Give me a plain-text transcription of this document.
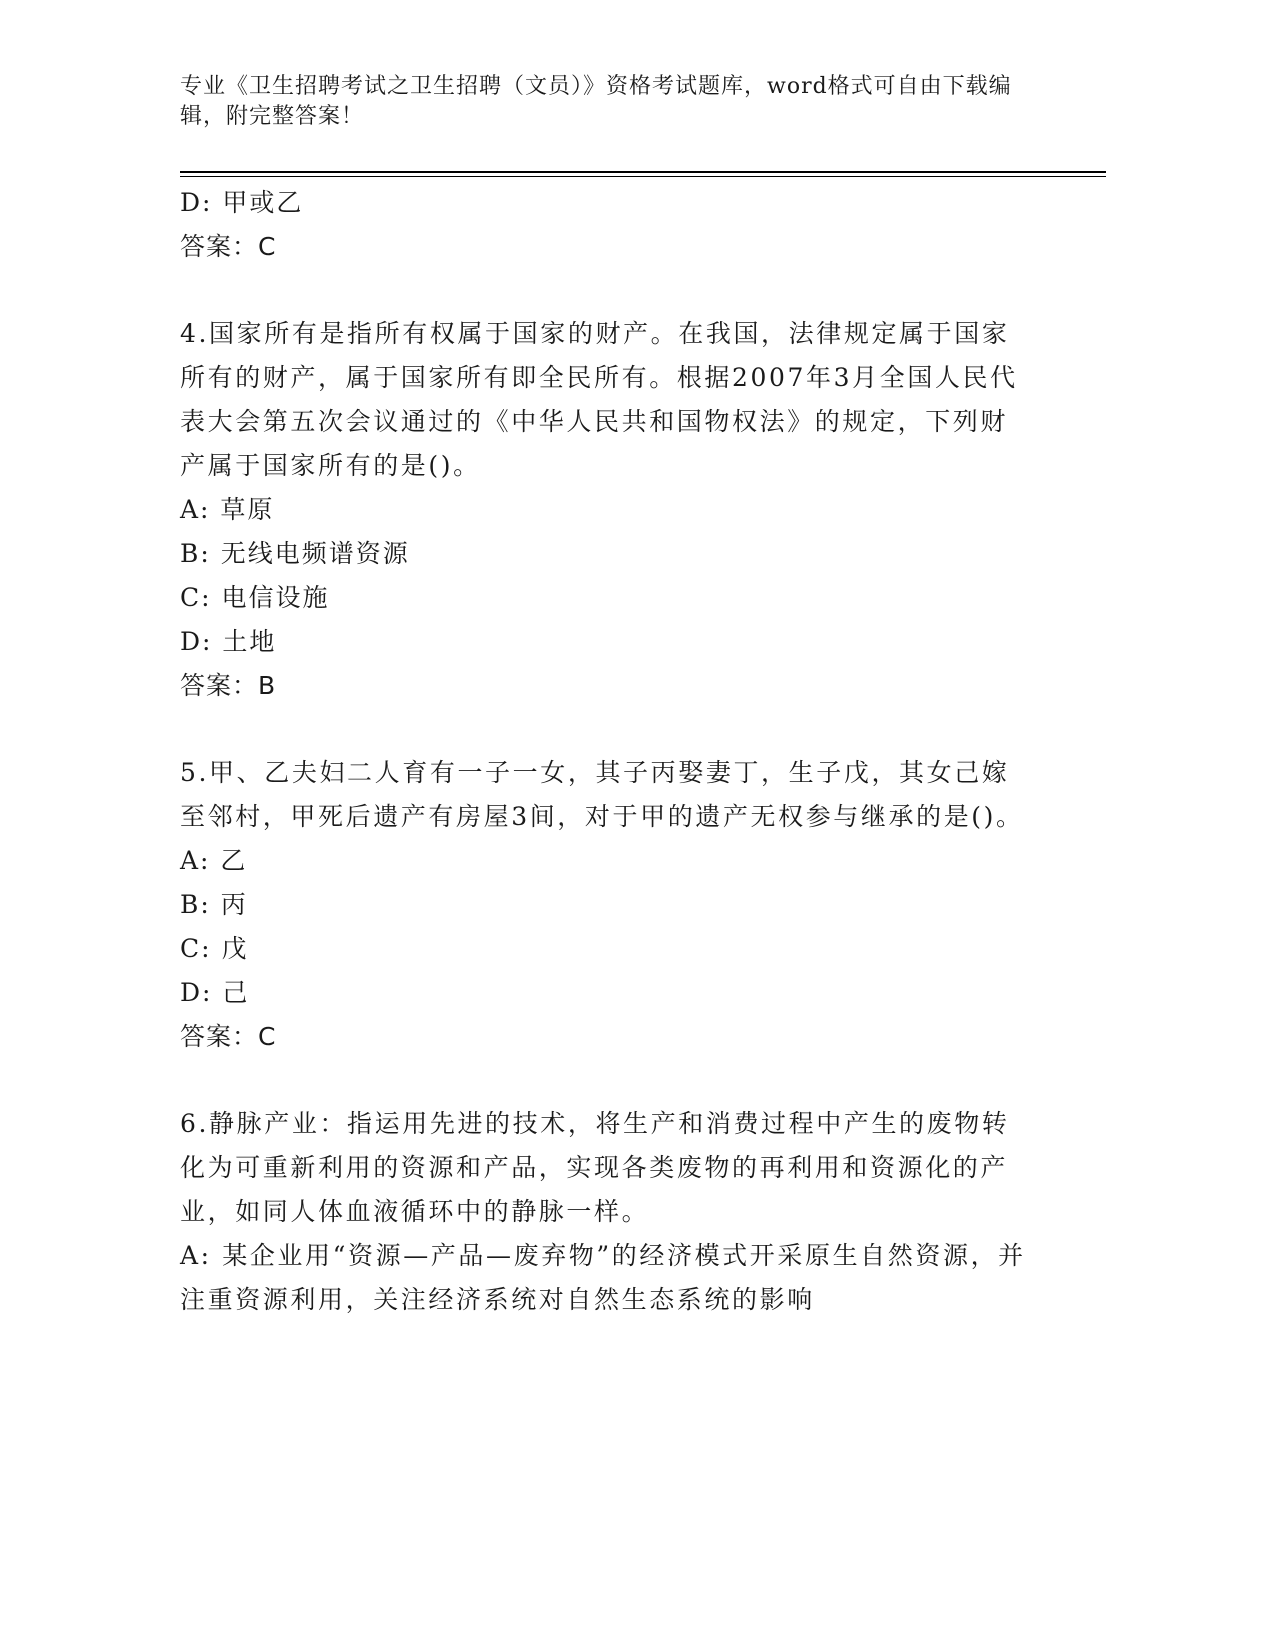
专业《卫生招聘考试之卫生招聘（文员）》资格考试题库，word格式可自由下载编辑，附完整答案！
D: 甲或乙
答案：C
4.国家所有是指所有权属于国家的财产。在我国，法律规定属于国家所有的财产，属于国家所有即全民所有。根据2007年3月全国人民代表大会第五次会议通过的《中华人民共和国物权法》的规定，下列财产属于国家所有的是()。
A: 草原
B: 无线电频谱资源
C: 电信设施
D: 土地
答案：B
5.甲、乙夫妇二人育有一子一女，其子丙娶妻丁，生子戊，其女己嫁至邻村，甲死后遗产有房屋3间，对于甲的遗产无权参与继承的是()。
A: 乙
B: 丙
C: 戊
D: 己
答案：C
6.静脉产业：指运用先进的技术，将生产和消费过程中产生的废物转化为可重新利用的资源和产品，实现各类废物的再利用和资源化的产业，如同人体血液循环中的静脉一样。
A: 某企业用“资源—产品—废弃物”的经济模式开采原生自然资源，并注重资源利用，关注经济系统对自然生态系统的影响
